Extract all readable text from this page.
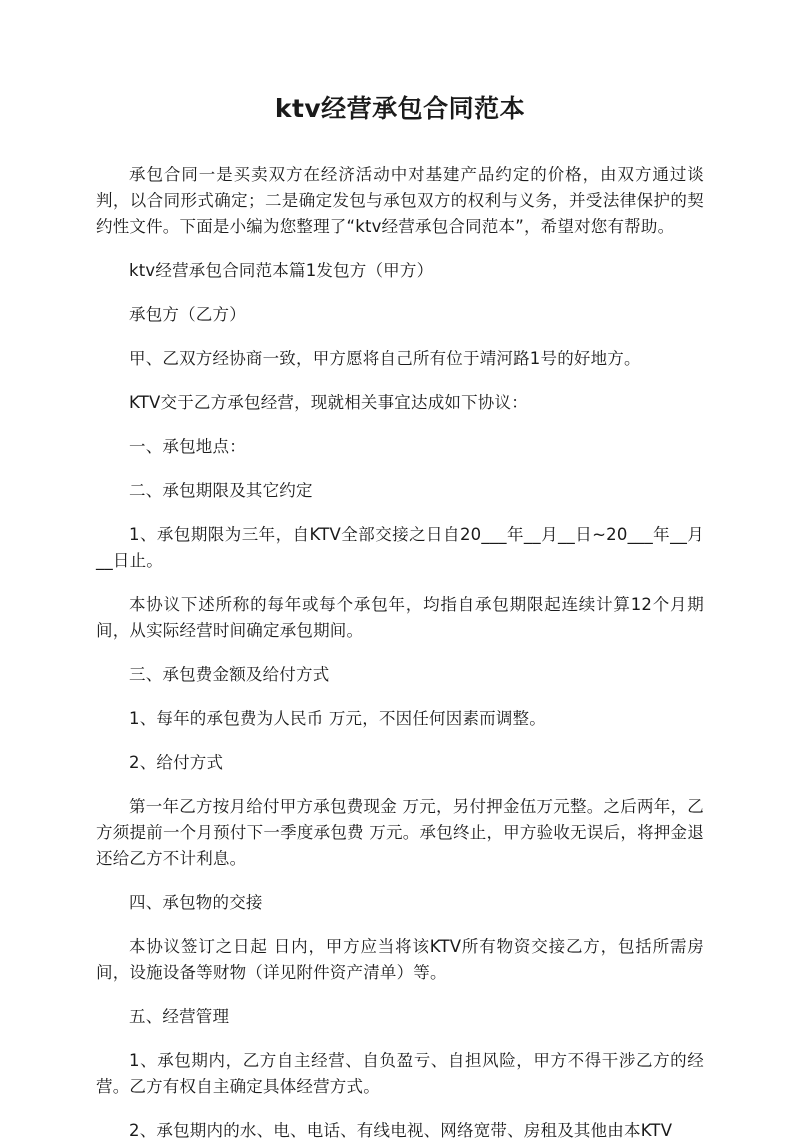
ktv经营承包合同范本

承包合同一是买卖双方在经济活动中对基建产品约定的价格，由双方通过谈判，以合同形式确定；二是确定发包与承包双方的权利与义务，并受法律保护的契约性文件。下面是小编为您整理了“ktv经营承包合同范本”，希望对您有帮助。

ktv经营承包合同范本篇1发包方（甲方）

承包方（乙方）

甲、乙双方经协商一致，甲方愿将自己所有位于靖河路1号的好地方。

KTV交于乙方承包经营，现就相关事宜达成如下协议：

一、承包地点：

二、承包期限及其它约定

1、承包期限为三年，自KTV全部交接之日自20___年__月__日~20___年__月__日止。

本协议下述所称的每年或每个承包年，均指自承包期限起连续计算12个月期间，从实际经营时间确定承包期间。

三、承包费金额及给付方式

1、每年的承包费为人民币 万元，不因任何因素而调整。

2、给付方式

第一年乙方按月给付甲方承包费现金 万元，另付押金伍万元整。之后两年，乙方须提前一个月预付下一季度承包费 万元。承包终止，甲方验收无误后，将押金退还给乙方不计利息。

四、承包物的交接

本协议签订之日起 日内，甲方应当将该KTV所有物资交接乙方，包括所需房间，设施设备等财物（详见附件资产清单）等。

五、经营管理

1、承包期内，乙方自主经营、自负盈亏、自担风险，甲方不得干涉乙方的经营。乙方有权自主确定具体经营方式。

2、承包期内的水、电、电话、有线电视、网络宽带、房租及其他由本KTV
